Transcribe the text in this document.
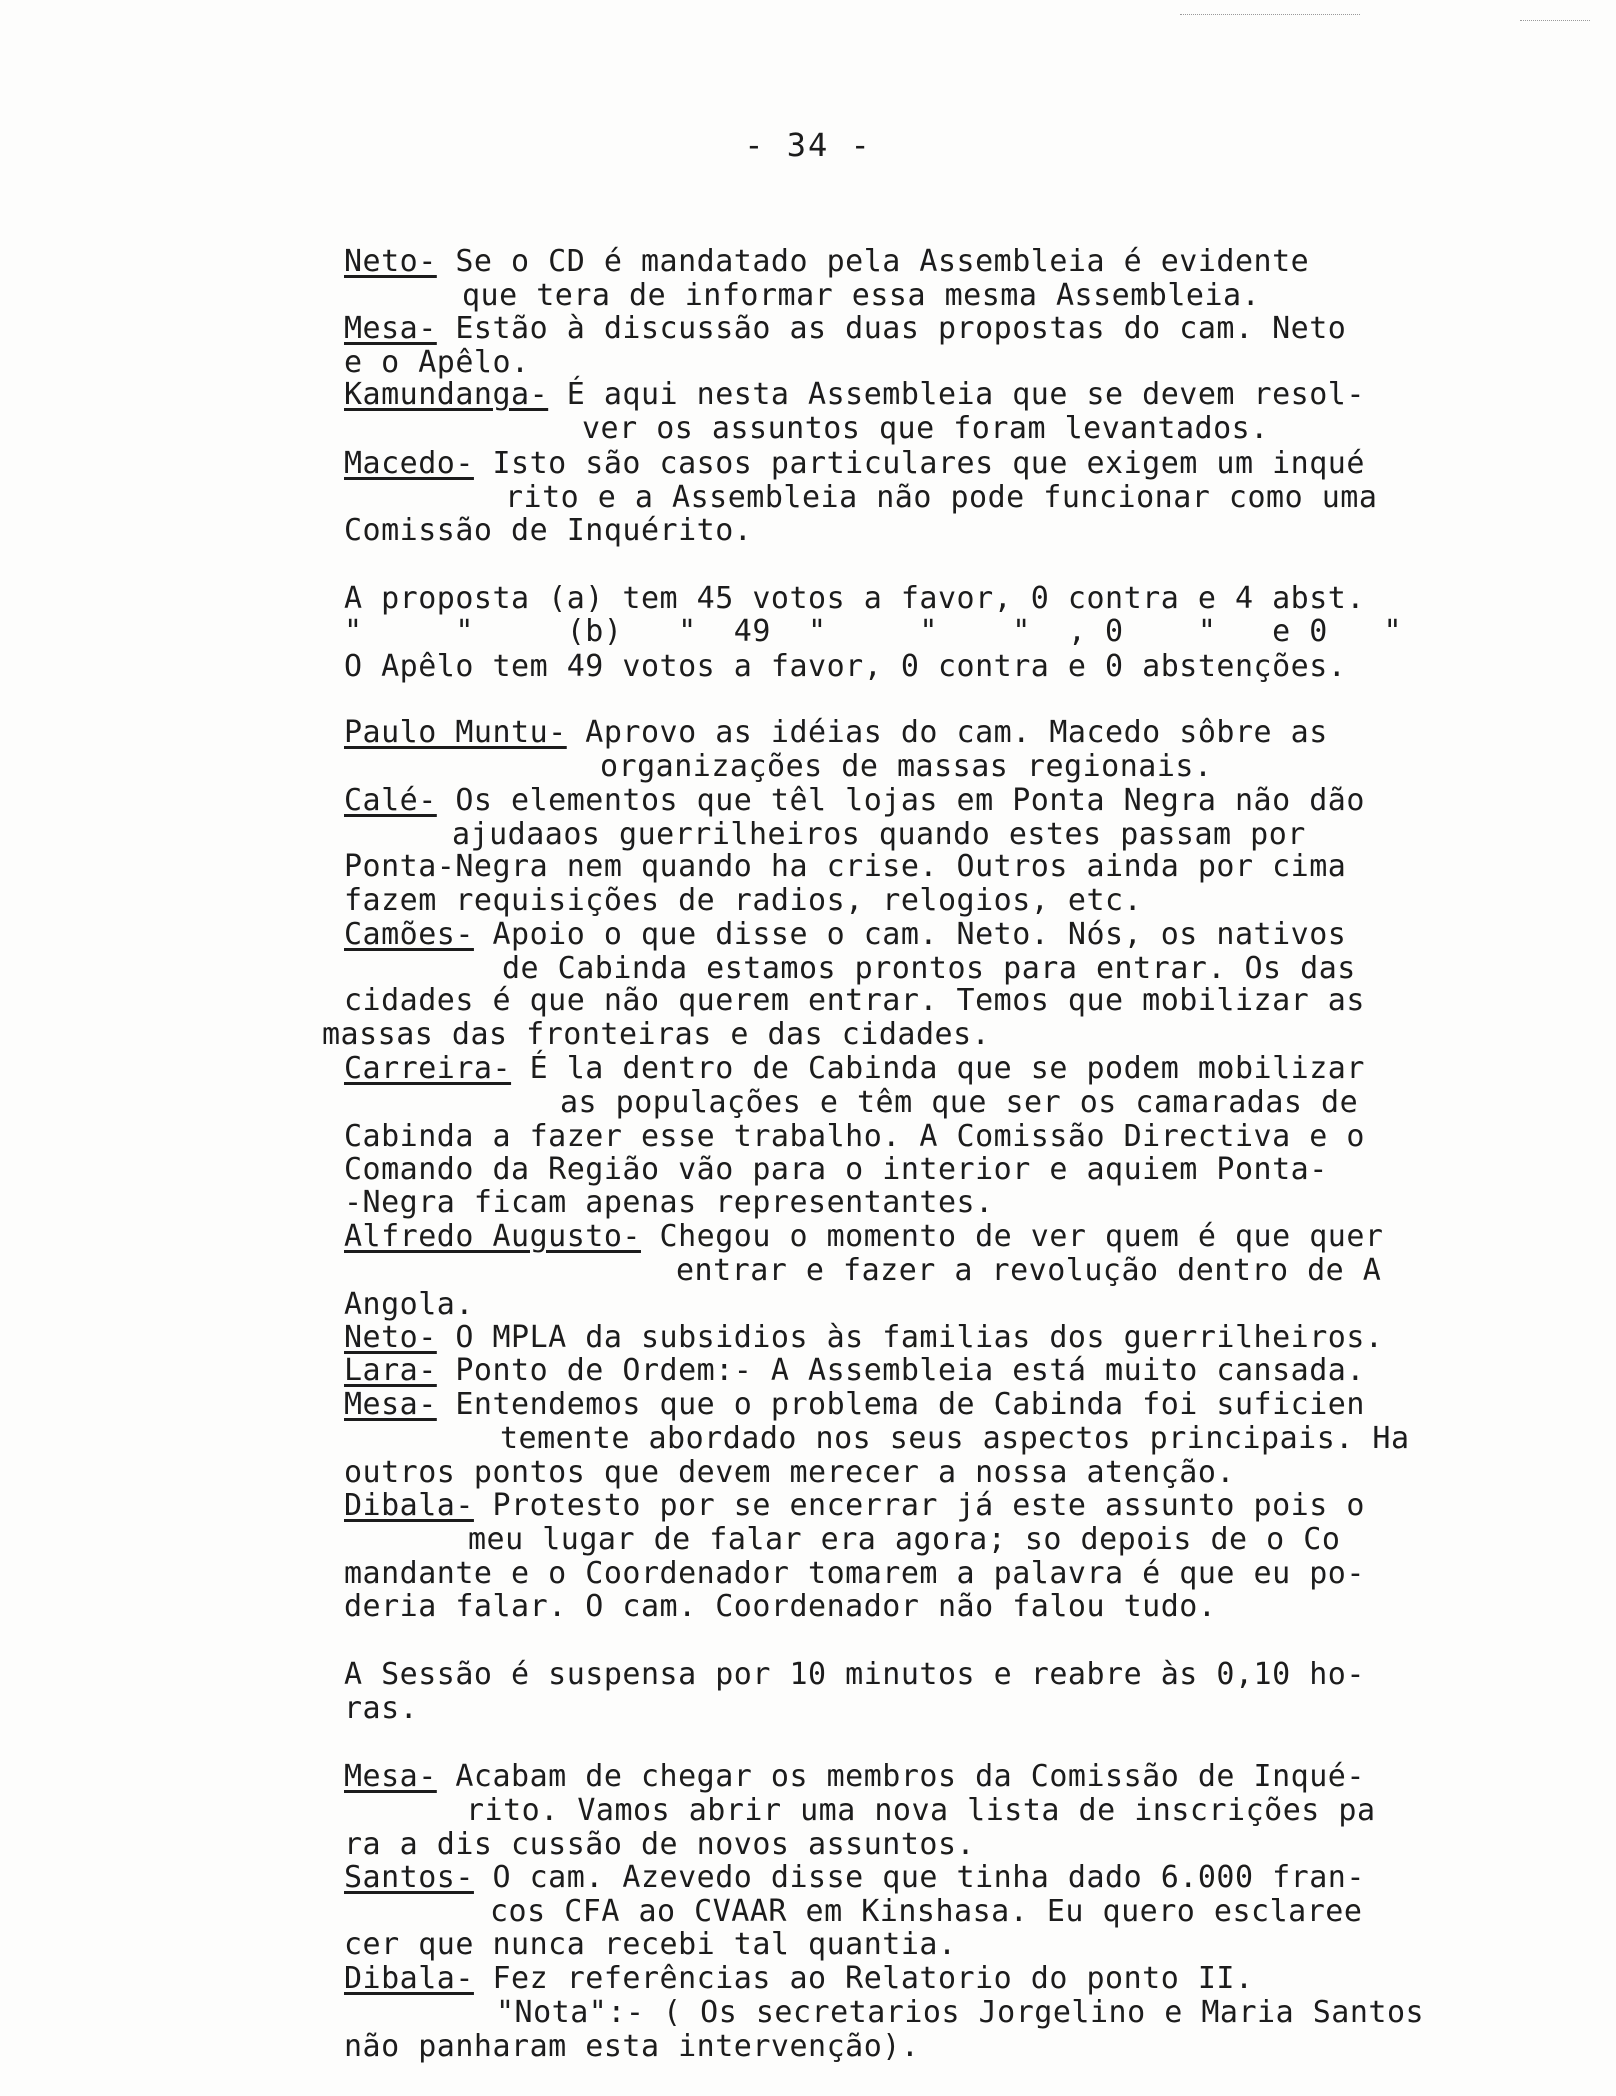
- 34 -
Neto- Se o CD é mandatado pela Assembleia é evidente
que tera de informar essa mesma Assembleia.
Mesa- Estão à discussão as duas propostas do cam. Neto
e o Apêlo.
Kamundanga- É aqui nesta Assembleia que se devem resol-
ver os assuntos que foram levantados.
Macedo- Isto são casos particulares que exigem um inqué
rito e a Assembleia não pode funcionar como uma
Comissão de Inquérito.
A proposta (a) tem 45 votos a favor, 0 contra e 4 abst.
"     "     (b)   "  49  "     "    "  , 0    "   e 0   "
O Apêlo tem 49 votos a favor, 0 contra e 0 abstenções.
Paulo Muntu- Aprovo as idéias do cam. Macedo sôbre as
organizações de massas regionais.
Calé- Os elementos que têl lojas em Ponta Negra não dão
ajudaaos guerrilheiros quando estes passam por
Ponta-Negra nem quando ha crise. Outros ainda por cima
fazem requisições de radios, relogios, etc.
Camões- Apoio o que disse o cam. Neto. Nós, os nativos
de Cabinda estamos prontos para entrar. Os das
cidades é que não querem entrar. Temos que mobilizar as
massas das fronteiras e das cidades.
Carreira- É la dentro de Cabinda que se podem mobilizar
as populações e têm que ser os camaradas de
Cabinda a fazer esse trabalho. A Comissão Directiva e o
Comando da Região vão para o interior e aquiem Ponta-
-Negra ficam apenas representantes.
Alfredo Augusto- Chegou o momento de ver quem é que quer
entrar e fazer a revolução dentro de A
Angola.
Neto- O MPLA da subsidios às familias dos guerrilheiros.
Lara- Ponto de Ordem:- A Assembleia está muito cansada.
Mesa- Entendemos que o problema de Cabinda foi suficien
temente abordado nos seus aspectos principais. Ha
outros pontos que devem merecer a nossa atenção.
Dibala- Protesto por se encerrar já este assunto pois o
meu lugar de falar era agora; so depois de o Co
mandante e o Coordenador tomarem a palavra é que eu po-
deria falar. O cam. Coordenador não falou tudo.
A Sessão é suspensa por 10 minutos e reabre às 0,10 ho-
ras.
Mesa- Acabam de chegar os membros da Comissão de Inqué-
rito. Vamos abrir uma nova lista de inscrições pa
ra a dis cussão de novos assuntos.
Santos- O cam. Azevedo disse que tinha dado 6.000 fran-
cos CFA ao CVAAR em Kinshasa. Eu quero esclaree
cer que nunca recebi tal quantia.
Dibala- Fez referências ao Relatorio do ponto II.
"Nota":- ( Os secretarios Jorgelino e Maria Santos
não panharam esta intervenção).
